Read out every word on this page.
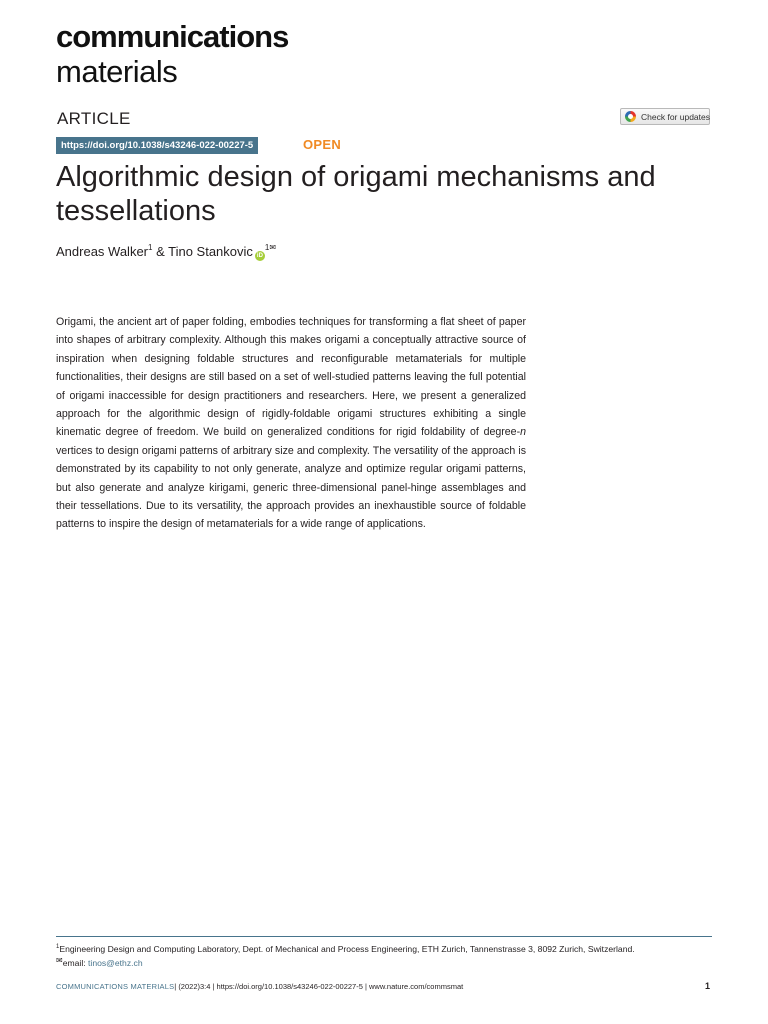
communications
materials
ARTICLE	Check for updates
https://doi.org/10.1038/s43246-022-00227-5	OPEN
Algorithmic design of origami mechanisms and tessellations
Andreas Walker$^1$ & Tino Stankovic $iD^{1✉}$

Origami, the ancient art of paper folding, embodies techniques for transforming a flat sheet of paper into shapes of arbitrary complexity. Although this makes origami a conceptually attractive source of inspiration when designing foldable structures and reconfigurable metamaterials for multiple functionalities, their designs are still based on a set of well-studied patterns leaving the full potential of origami inaccessible for design practitioners and researchers. Here, we present a generalized approach for the algorithmic design of rigidly-foldable origami structures exhibiting a single kinematic degree of freedom. We build on generalized conditions for rigid foldability of degree-n vertices to design origami patterns of arbitrary size and complexity. The versatility of the approach is demonstrated by its capability to not only generate, analyze and optimize regular origami patterns, but also generate and analyze kirigami, generic three-dimensional panel-hinge assemblages and their tessellations. Due to its versatility, the approach provides an inexhaustible source of foldable patterns to inspire the design of metamaterials for a wide range of applications.

$^1$Engineering Design and Computing Laboratory, Dept. of Mechanical and Process Engineering, ETH Zurich, Tannenstrasse 3, 8092 Zurich, Switzerland.
✉email: tinos@ethz.ch
COMMUNICATIONS MATERIALS| (2022)3:4 | https://doi.org/10.1038/s43246-022-00227-5 | www.nature.com/commsmat	1
